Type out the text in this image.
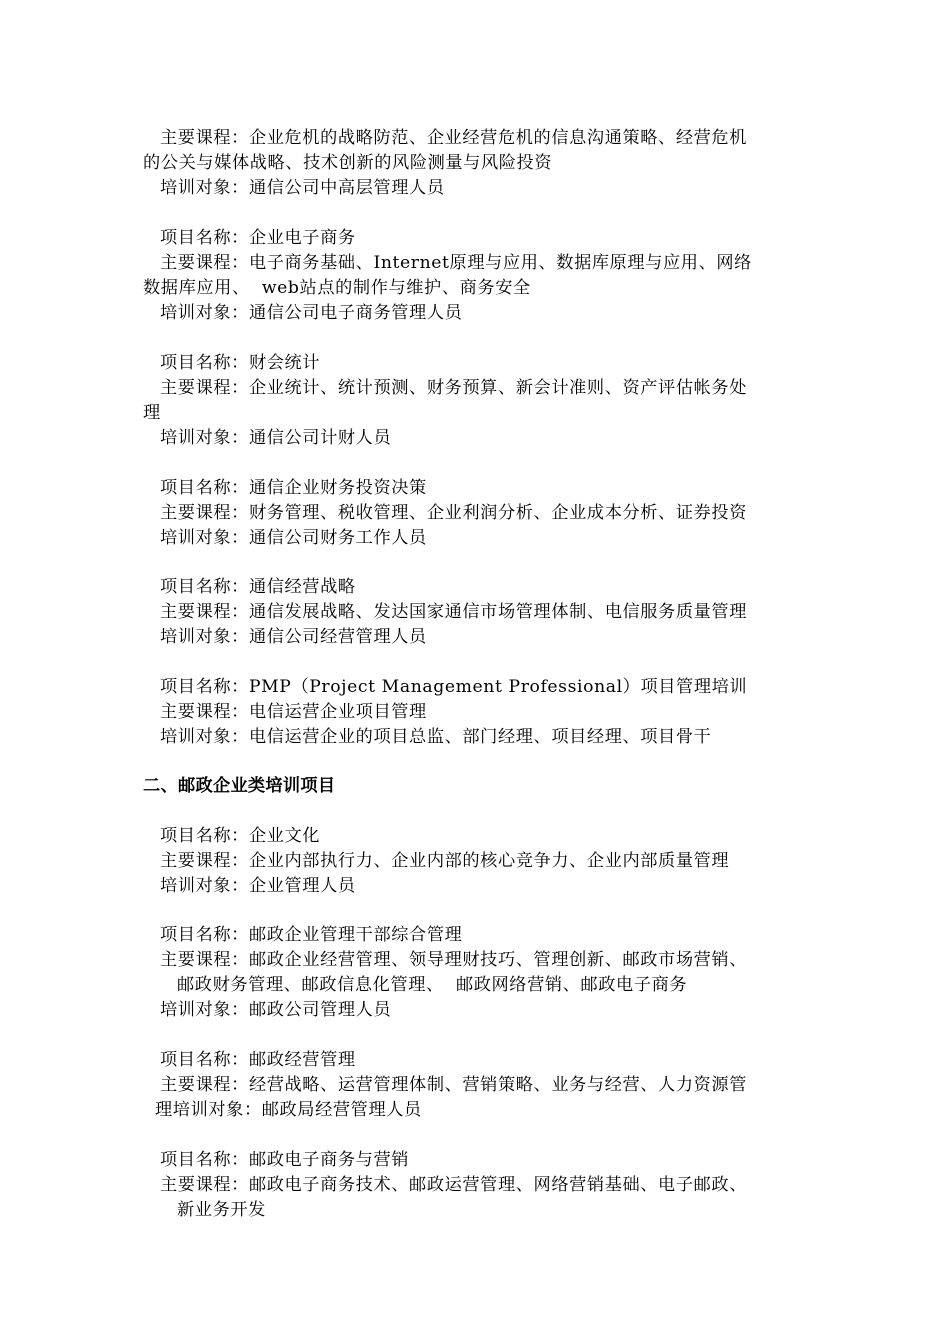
主要课程：企业危机的战略防范、企业经营危机的信息沟通策略、经营危机
的公关与媒体战略、技术创新的风险测量与风险投资
培训对象：通信公司中高层管理人员
项目名称：企业电子商务
主要课程：电子商务基础、Internet原理与应用、数据库原理与应用、网络
数据库应用、  web站点的制作与维护、商务安全
培训对象：通信公司电子商务管理人员
项目名称：财会统计
主要课程：企业统计、统计预测、财务预算、新会计准则、资产评估帐务处
理
培训对象：通信公司计财人员
项目名称：通信企业财务投资决策
主要课程：财务管理、税收管理、企业利润分析、企业成本分析、证券投资
培训对象：通信公司财务工作人员
项目名称：通信经营战略
主要课程：通信发展战略、发达国家通信市场管理体制、电信服务质量管理
培训对象：通信公司经营管理人员
项目名称：PMP（Project Management Professional）项目管理培训
主要课程：电信运营企业项目管理
培训对象：电信运营企业的项目总监、部门经理、项目经理、项目骨干
二、邮政企业类培训项目
项目名称：企业文化
主要课程：企业内部执行力、企业内部的核心竞争力、企业内部质量管理
培训对象：企业管理人员
项目名称：邮政企业管理干部综合管理
主要课程：邮政企业经营管理、领导理财技巧、管理创新、邮政市场营销、
邮政财务管理、邮政信息化管理、  邮政网络营销、邮政电子商务
培训对象：邮政公司管理人员
项目名称：邮政经营管理
主要课程：经营战略、运营管理体制、营销策略、业务与经营、人力资源管
理培训对象：邮政局经营管理人员
项目名称：邮政电子商务与营销
主要课程：邮政电子商务技术、邮政运营管理、网络营销基础、电子邮政、
新业务开发
